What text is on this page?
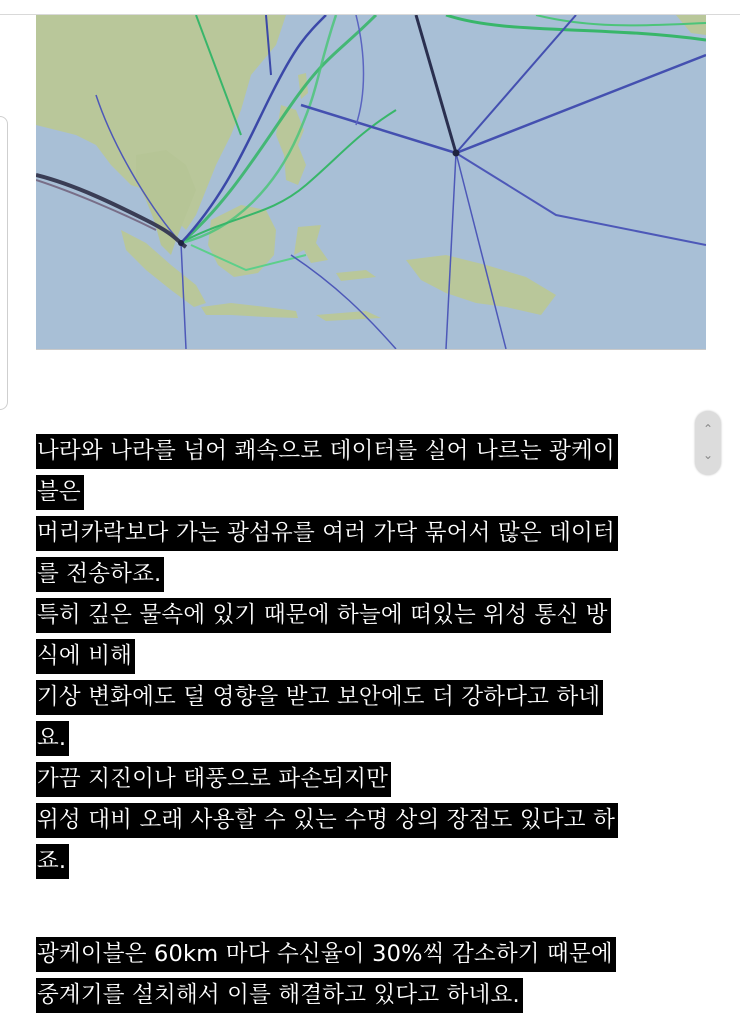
⌃
⌄
나라와 나라를 넘어 쾌속으로 데이터를 실어 나르는 광케이
블은
머리카락보다 가는 광섬유를 여러 가닥 묶어서 많은 데이터
를 전송하죠.
특히 깊은 물속에 있기 때문에 하늘에 떠있는 위성 통신 방
식에 비해
기상 변화에도 덜 영향을 받고 보안에도 더 강하다고 하네
요.
가끔 지진이나 태풍으로 파손되지만
위성 대비 오래 사용할 수 있는 수명 상의 장점도 있다고 하
죠.
광케이블은 60km 마다 수신율이 30%씩 감소하기 때문에
중계기를 설치해서 이를 해결하고 있다고 하네요.
